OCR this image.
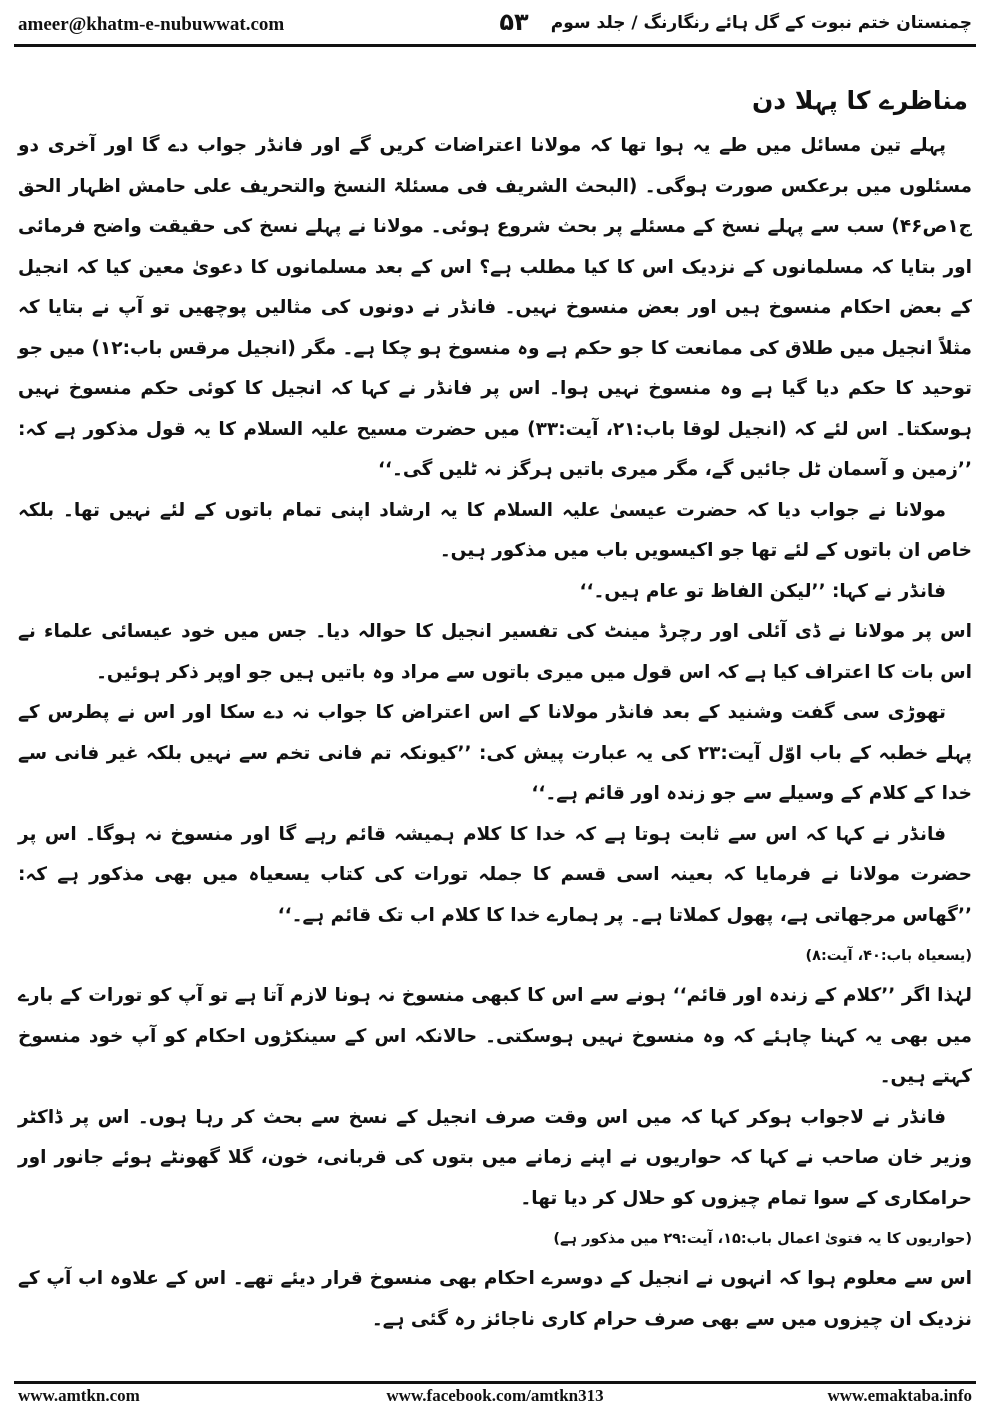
ameer@khatm-e-nubuwwat.com	۵۳	چمنستان ختم نبوت کے گل ہائے رنگارنگ / جلد سوم

مناظرے کا پہلا دن

پہلے تین مسائل میں طے یہ ہوا تھا کہ مولانا اعتراضات کریں گے اور فانڈر جواب دے گا اور آخری دو مسئلوں میں برعکس صورت ہوگی۔ (البحث الشریف فی مسئلۃ النسخ والتحریف علی حامش اظہار الحق ج۱ص۴۶) سب سے پہلے نسخ کے مسئلے پر بحث شروع ہوئی۔ مولانا نے پہلے نسخ کی حقیقت واضح فرمائی اور بتایا کہ مسلمانوں کے نزدیک اس کا کیا مطلب ہے؟ اس کے بعد مسلمانوں کا دعویٰ معین کیا کہ انجیل کے بعض احکام منسوخ ہیں اور بعض منسوخ نہیں۔ فانڈر نے دونوں کی مثالیں پوچھیں تو آپ نے بتایا کہ مثلاً انجیل میں طلاق کی ممانعت کا جو حکم ہے وہ منسوخ ہو چکا ہے۔ مگر (انجیل مرقس باب:۱۲) میں جو توحید کا حکم دیا گیا ہے وہ منسوخ نہیں ہوا۔ اس پر فانڈر نے کہا کہ انجیل کا کوئی حکم منسوخ نہیں ہوسکتا۔ اس لئے کہ (انجیل لوقا باب:۲۱، آیت:۳۳) میں حضرت مسیح علیہ السلام کا یہ قول مذکور ہے کہ: ’’زمین و آسمان ٹل جائیں گے، مگر میری باتیں ہرگز نہ ٹلیں گی۔‘‘

مولانا نے جواب دیا کہ حضرت عیسیٰ علیہ السلام کا یہ ارشاد اپنی تمام باتوں کے لئے نہیں تھا۔ بلکہ خاص ان باتوں کے لئے تھا جو اکیسویں باب میں مذکور ہیں۔

فانڈر نے کہا: ’’لیکن الفاظ تو عام ہیں۔‘‘

اس پر مولانا نے ڈی آئلی اور رچرڈ مینٹ کی تفسیر انجیل کا حوالہ دیا۔ جس میں خود عیسائی علماء نے اس بات کا اعتراف کیا ہے کہ اس قول میں میری باتوں سے مراد وہ باتیں ہیں جو اوپر ذکر ہوئیں۔

تھوڑی سی گفت وشنید کے بعد فانڈر مولانا کے اس اعتراض کا جواب نہ دے سکا اور اس نے پطرس کے پہلے خطبہ کے باب اوّل آیت:۲۳ کی یہ عبارت پیش کی: ’’کیونکہ تم فانی تخم سے نہیں بلکہ غیر فانی سے خدا کے کلام کے وسیلے سے جو زندہ اور قائم ہے۔‘‘

فانڈر نے کہا کہ اس سے ثابت ہوتا ہے کہ خدا کا کلام ہمیشہ قائم رہے گا اور منسوخ نہ ہوگا۔ اس پر حضرت مولانا نے فرمایا کہ بعینہ اسی قسم کا جملہ تورات کی کتاب یسعیاہ میں بھی مذکور ہے کہ: ’’گھاس مرجھاتی ہے، پھول کملاتا ہے۔ پر ہمارے خدا کا کلام اب تک قائم ہے۔‘‘

(یسعیاہ باب:۴۰، آیت:۸)

لہٰذا اگر ’’کلام کے زندہ اور قائم‘‘ ہونے سے اس کا کبھی منسوخ نہ ہونا لازم آتا ہے تو آپ کو تورات کے بارے میں بھی یہ کہنا چاہئے کہ وہ منسوخ نہیں ہوسکتی۔ حالانکہ اس کے سینکڑوں احکام کو آپ خود منسوخ کہتے ہیں۔

فانڈر نے لاجواب ہوکر کہا کہ میں اس وقت صرف انجیل کے نسخ سے بحث کر رہا ہوں۔ اس پر ڈاکٹر وزیر خان صاحب نے کہا کہ حواریوں نے اپنے زمانے میں بتوں کی قربانی، خون، گلا گھونٹے ہوئے جانور اور حرامکاری کے سوا تمام چیزوں کو حلال کر دیا تھا۔

(حواریوں کا یہ فتویٰ اعمال باب:۱۵، آیت:۲۹ میں مذکور ہے)

اس سے معلوم ہوا کہ انہوں نے انجیل کے دوسرے احکام بھی منسوخ قرار دیئے تھے۔ اس کے علاوہ اب آپ کے نزدیک ان چیزوں میں سے بھی صرف حرام کاری ناجائز رہ گئی ہے۔

www.amtkn.com	www.facebook.com/amtkn313	www.emaktaba.info
